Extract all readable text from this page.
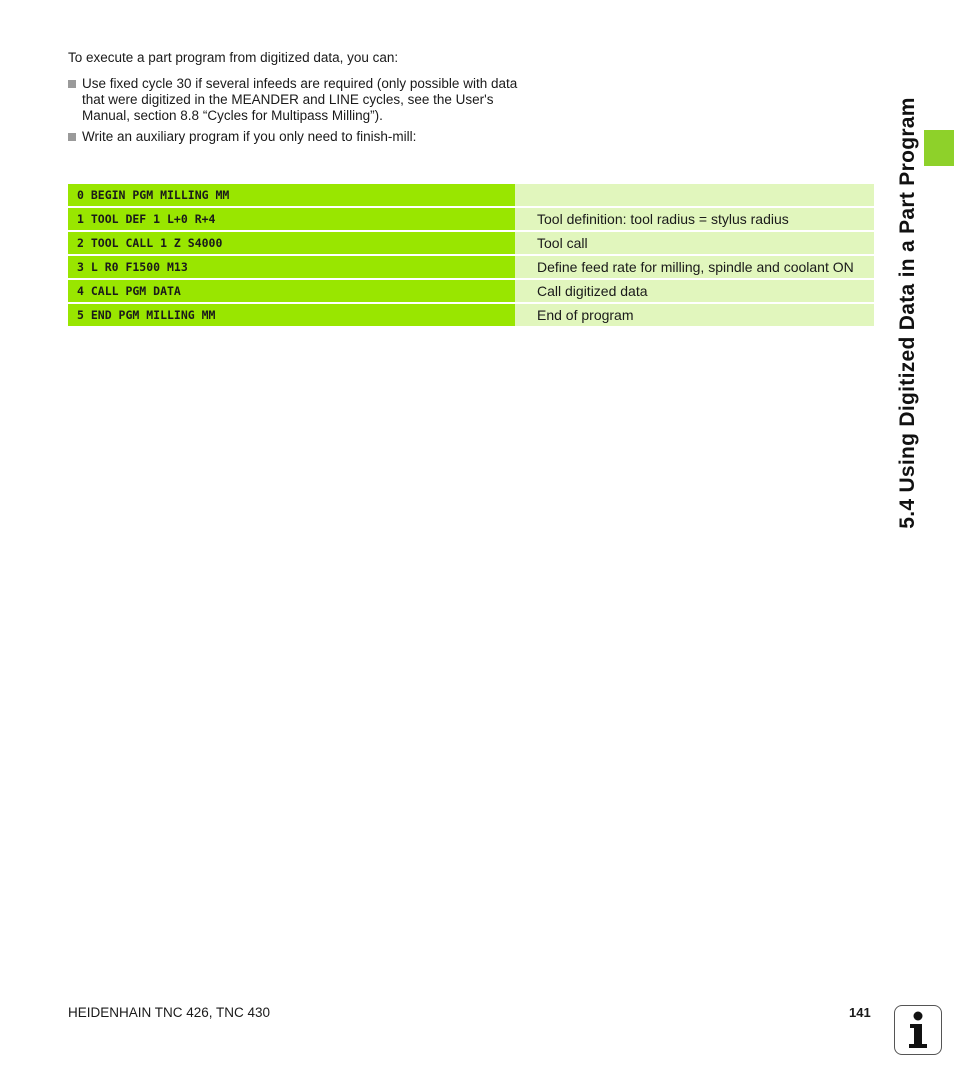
To execute a part program from digitized data, you can:
Use fixed cycle 30 if several infeeds are required (only possible with data that were digitized in the MEANDER and LINE cycles, see the User's Manual, section 8.8 “Cycles for Multipass Milling”).
Write an auxiliary program if you only need to finish-mill:
0 BEGIN PGM MILLING MM
1 TOOL DEF 1 L+0 R+4	Tool definition: tool radius = stylus radius
2 TOOL CALL 1 Z S4000	Tool call
3 L R0 F1500 M13	Define feed rate for milling, spindle and coolant ON
4 CALL PGM DATA	Call digitized data
5 END PGM MILLING MM	End of program	5.4 Using Digitized Data in a Part Program
HEIDENHAIN TNC 426, TNC 430	141
